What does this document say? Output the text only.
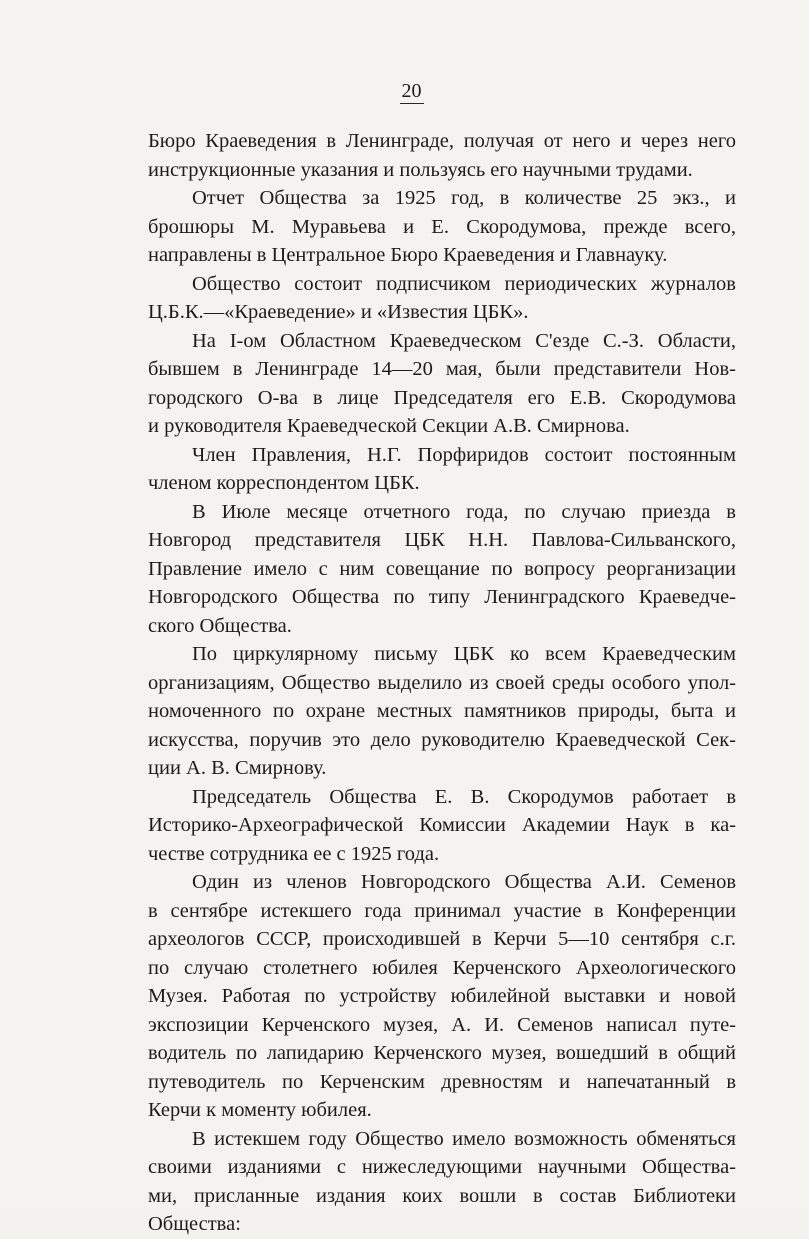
20
Бюро Краеведения в Ленинграде, получая от него и через него
инструкционные указания и пользуясь его научными трудами.
Отчет Общества за 1925 год, в количестве 25 экз., и
брошюры М. Муравьева и Е. Скородумова, прежде всего,
направлены в Центральное Бюро Краеведения и Главнауку.
Общество состоит подписчиком периодических журналов
Ц.Б.К.—«Краеведение» и «Известия ЦБК».
На I-ом Областном Краеведческом С'езде С.-З. Области,
бывшем в Ленинграде 14—20 мая, были представители Нов-
городского О-ва в лице Председателя его Е.В. Скородумова
и руководителя Краеведческой Секции А.В. Смирнова.
Член Правления, Н.Г. Порфиридов состоит постоянным
членом корреспондентом ЦБК.
В Июле месяце отчетного года, по случаю приезда в
Новгород представителя ЦБК Н.Н. Павлова-Сильванского,
Правление имело с ним совещание по вопросу реорганизации
Новгородского Общества по типу Ленинградского Краеведче-
ского Общества.
По циркулярному письму ЦБК ко всем Краеведческим
организациям, Общество выделило из своей среды особого упол-
номоченного по охране местных памятников природы, быта и
искусства, поручив это дело руководителю Краеведческой Сек-
ции А. В. Смирнову.
Председатель Общества Е. В. Скородумов работает в
Историко-Археографической Комиссии Академии Наук в ка-
честве сотрудника ее с 1925 года.
Один из членов Новгородского Общества А.И. Семенов
в сентябре истекшего года принимал участие в Конференции
археологов СССР, происходившей в Керчи 5—10 сентября с.г.
по случаю столетнего юбилея Керченского Археологического
Музея. Работая по устройству юбилейной выставки и новой
экспозиции Керченского музея, А. И. Семенов написал путе-
водитель по лапидарию Керченского музея, вошедший в общий
путеводитель по Керченским древностям и напечатанный в
Керчи к моменту юбилея.
В истекшем году Общество имело возможность обменяться
своими изданиями с нижеследующими научными Общества-
ми, присланные издания коих вошли в состав Библиотеки
Общества:
